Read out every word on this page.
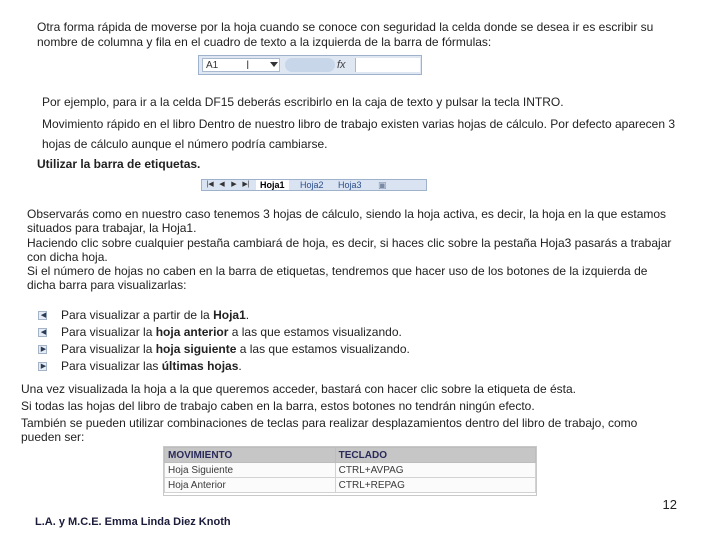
Otra forma rápida de moverse por la hoja cuando se conoce con seguridad la celda donde se desea ir es escribir su
nombre de columna y fila en el cuadro de texto a la izquierda de la barra de fórmulas:
A1	I	fx
Por ejemplo, para ir a la celda DF15 deberás escribirlo en la caja de texto y pulsar la tecla INTRO.
Movimiento rápido en el libro Dentro de nuestro libro de trabajo existen varias hojas de cálculo. Por defecto aparecen 3
hojas de cálculo aunque el número podría cambiarse.
Utilizar la barra de etiquetas.
|◀ ◀ ▶ ▶|	Hoja1	Hoja2	Hoja3	▣
Observarás como en nuestro caso tenemos 3 hojas de cálculo, siendo la hoja activa, es decir, la hoja en la que estamos
situados para trabajar, la Hoja1.
Haciendo clic sobre cualquier pestaña cambiará de hoja, es decir, si haces clic sobre la pestaña Hoja3 pasarás a trabajar
con dicha hoja.
Si el número de hojas no caben en la barra de etiquetas, tendremos que hacer uso de los botones de la izquierda de
dicha barra para visualizarlas:
◀ Para visualizar a partir de la Hoja1.
◀ Para visualizar la hoja anterior a las que estamos visualizando.
▶ Para visualizar la hoja siguiente a las que estamos visualizando.
▶ Para visualizar las últimas hojas.
Una vez visualizada la hoja a la que queremos acceder, bastará con hacer clic sobre la etiqueta de ésta.
Si todas las hojas del libro de trabajo caben en la barra, estos botones no tendrán ningún efecto.
También se pueden utilizar combinaciones de teclas para realizar desplazamientos dentro del libro de trabajo, como
pueden ser:
MOVIMIENTO	TECLADO
Hoja Siguiente	CTRL+AVPAG
Hoja Anterior	CTRL+REPAG
12
L.A. y M.C.E. Emma Linda Diez Knoth
